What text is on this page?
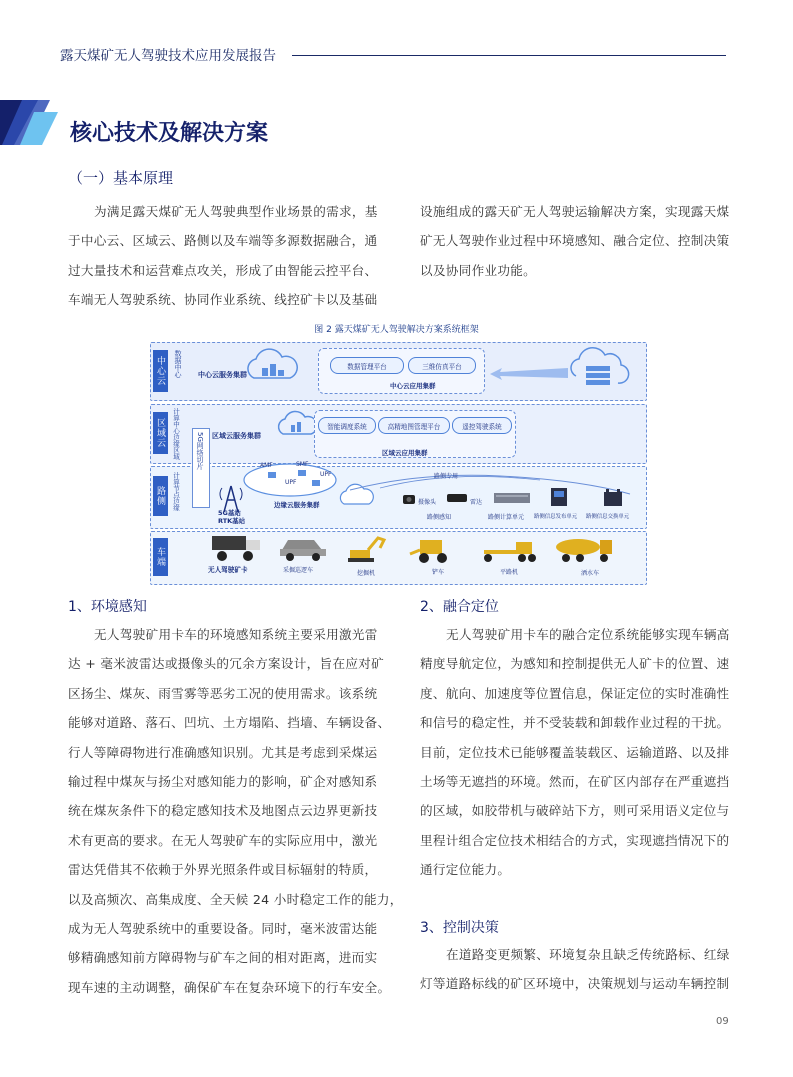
露天煤矿无人驾驶技术应用发展报告
核心技术及解决方案
（一）基本原理

为满足露天煤矿无人驾驶典型作业场景的需求，基

于中心云、区域云、路侧以及车端等多源数据融合，通

过大量技术和运营难点攻关，形成了由智能云控平台、

车端无人驾驶系统、协同作业系统、线控矿卡以及基础

设施组成的露天矿无人驾驶运输解决方案，实现露天煤

矿无人驾驶作业过程中环境感知、融合定位、控制决策

以及协同作业功能。

图 2 露天煤矿无人驾驶解决方案系统框架
中心云
区域云
路侧
车端
数据中心
计算中心边缘区域
计算节点边缘
中心云服务集群
数据管理平台	三维仿真平台
中心云应用集群
区域云服务集群
智能调度系统	高精地图管理平台	遥控驾驶系统
区域云应用集群
5G网络切片	AMF	SMF
UPF
UPF
5G基站
RTK基站
边缘云服务集群
路侧专用
摄像头	雷达
路侧感知	路侧计算单元 路侧信息发布单元 路侧信息交换单元
无人驾驶矿卡	采掘巡逻车	挖掘机	铲车	平路机	洒水车
1、环境感知

无人驾驶矿用卡车的环境感知系统主要采用激光雷

达 + 毫米波雷达或摄像头的冗余方案设计，旨在应对矿

区扬尘、煤灰、雨雪雾等恶劣工况的使用需求。该系统

能够对道路、落石、凹坑、土方塌陷、挡墙、车辆设备、

行人等障碍物进行准确感知识别。尤其是考虑到采煤运

输过程中煤灰与扬尘对感知能力的影响，矿企对感知系

统在煤灰条件下的稳定感知技术及地图点云边界更新技

术有更高的要求。在无人驾驶矿车的实际应用中，激光

雷达凭借其不依赖于外界光照条件或目标辐射的特质，

以及高频次、高集成度、全天候 24 小时稳定工作的能力，

成为无人驾驶系统中的重要设备。同时，毫米波雷达能

够精确感知前方障碍物与矿车之间的相对距离，进而实

现车速的主动调整，确保矿车在复杂环境下的行车安全。

2、融合定位

无人驾驶矿用卡车的融合定位系统能够实现车辆高

精度导航定位，为感知和控制提供无人矿卡的位置、速

度、航向、加速度等位置信息，保证定位的实时准确性

和信号的稳定性，并不受装载和卸载作业过程的干扰。

目前，定位技术已能够覆盖装载区、运输道路、以及排

土场等无遮挡的环境。然而，在矿区内部存在严重遮挡

的区域，如胶带机与破碎站下方，则可采用语义定位与

里程计组合定位技术相结合的方式，实现遮挡情况下的

通行定位能力。

3、控制决策

在道路变更频繁、环境复杂且缺乏传统路标、红绿

灯等道路标线的矿区环境中，决策规划与运动车辆控制

09
